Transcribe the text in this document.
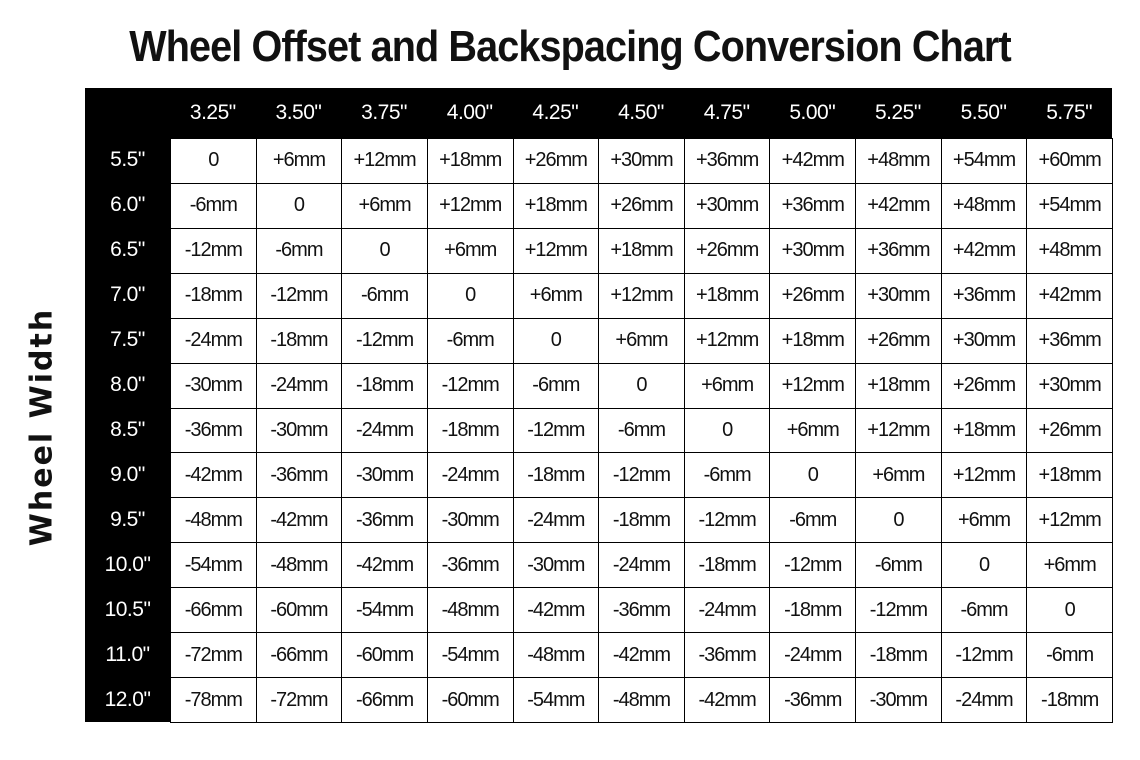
Wheel Offset and Backspacing Conversion Chart
Wheel Width
3.25"	3.50"	3.75"	4.00"	4.25"	4.50"	4.75"	5.00"	5.25"	5.50"	5.75"
5.5"	0	+6mm	+12mm	+18mm	+26mm	+30mm	+36mm	+42mm	+48mm	+54mm	+60mm
6.0"	-6mm	0	+6mm	+12mm	+18mm	+26mm	+30mm	+36mm	+42mm	+48mm	+54mm
6.5"	-12mm	-6mm	0	+6mm	+12mm	+18mm	+26mm	+30mm	+36mm	+42mm	+48mm
7.0"	-18mm	-12mm	-6mm	0	+6mm	+12mm	+18mm	+26mm	+30mm	+36mm	+42mm
7.5"	-24mm	-18mm	-12mm	-6mm	0	+6mm	+12mm	+18mm	+26mm	+30mm	+36mm
8.0"	-30mm	-24mm	-18mm	-12mm	-6mm	0	+6mm	+12mm	+18mm	+26mm	+30mm
8.5"	-36mm	-30mm	-24mm	-18mm	-12mm	-6mm	0	+6mm	+12mm	+18mm	+26mm
9.0"	-42mm	-36mm	-30mm	-24mm	-18mm	-12mm	-6mm	0	+6mm	+12mm	+18mm
9.5"	-48mm	-42mm	-36mm	-30mm	-24mm	-18mm	-12mm	-6mm	0	+6mm	+12mm
10.0"	-54mm	-48mm	-42mm	-36mm	-30mm	-24mm	-18mm	-12mm	-6mm	0	+6mm
10.5"	-66mm	-60mm	-54mm	-48mm	-42mm	-36mm	-24mm	-18mm	-12mm	-6mm	0
11.0"	-72mm	-66mm	-60mm	-54mm	-48mm	-42mm	-36mm	-24mm	-18mm	-12mm	-6mm
12.0"	-78mm	-72mm	-66mm	-60mm	-54mm	-48mm	-42mm	-36mm	-30mm	-24mm	-18mm
